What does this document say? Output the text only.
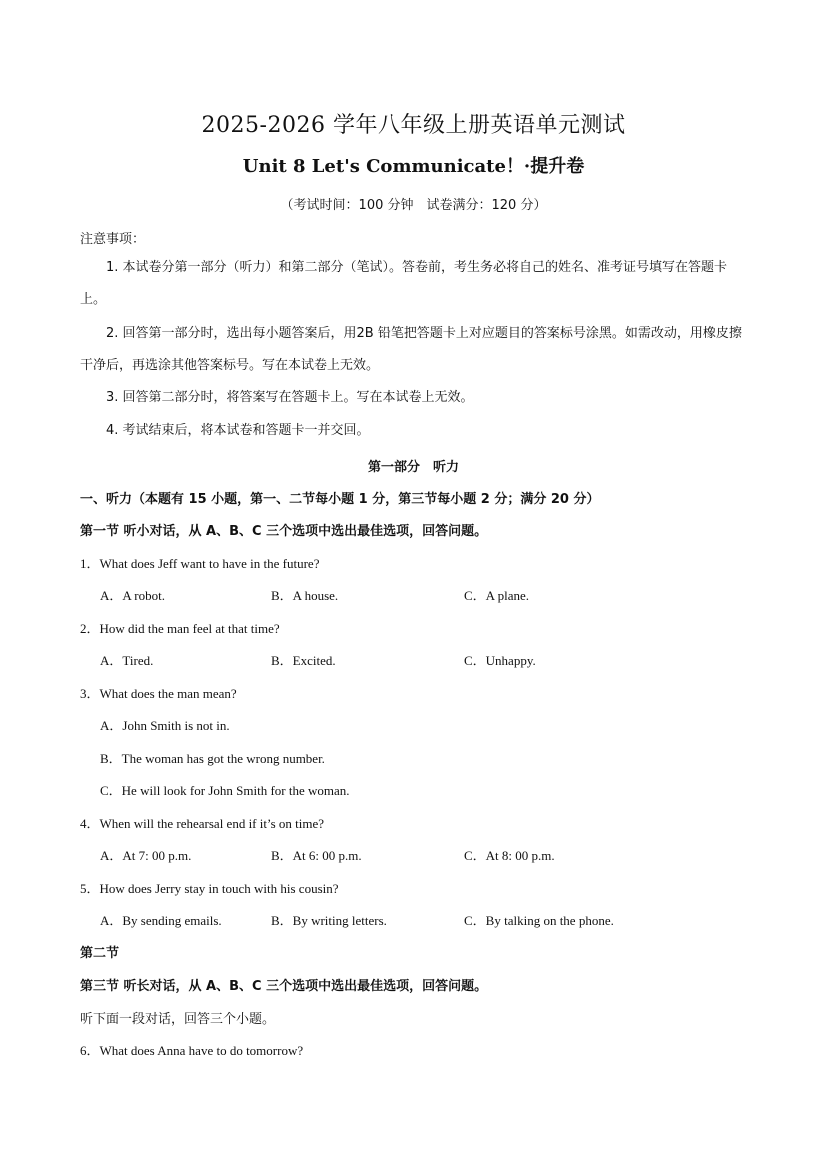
2025-2026 学年八年级上册英语单元测试
Unit 8 Let's Communicate！·提升卷
（考试时间：100 分钟　试卷满分：120 分）
注意事项：
1. 本试卷分第一部分（听力）和第二部分（笔试）。答卷前，考生务必将自己的姓名、准考证号填写在答题卡上。
2. 回答第一部分时，选出每小题答案后，用2B 铅笔把答题卡上对应题目的答案标号涂黑。如需改动，用橡皮擦干净后，再选涂其他答案标号。写在本试卷上无效。
3. 回答第二部分时，将答案写在答题卡上。写在本试卷上无效。
4. 考试结束后，将本试卷和答题卡一并交回。
第一部分　听力
一、听力（本题有 15 小题，第一、二节每小题 1 分，第三节每小题 2 分；满分 20 分）
第一节 听小对话，从 A、B、C 三个选项中选出最佳选项，回答问题。
1．What does Jeff want to have in the future?
A．A robot.	B．A house.	C．A plane.
2．How did the man feel at that time?
A．Tired.	B．Excited.	C．Unhappy.
3．What does the man mean?
A．John Smith is not in.
B．The woman has got the wrong number.
C．He will look for John Smith for the woman.
4．When will the rehearsal end if it’s on time?
A．At 7: 00 p.m.	B．At 6: 00 p.m.	C．At 8: 00 p.m.
5．How does Jerry stay in touch with his cousin?
A．By sending emails.	B．By writing letters.	C．By talking on the phone.
第二节
第三节 听长对话，从 A、B、C 三个选项中选出最佳选项，回答问题。
听下面一段对话，回答三个小题。
6．What does Anna have to do tomorrow?
